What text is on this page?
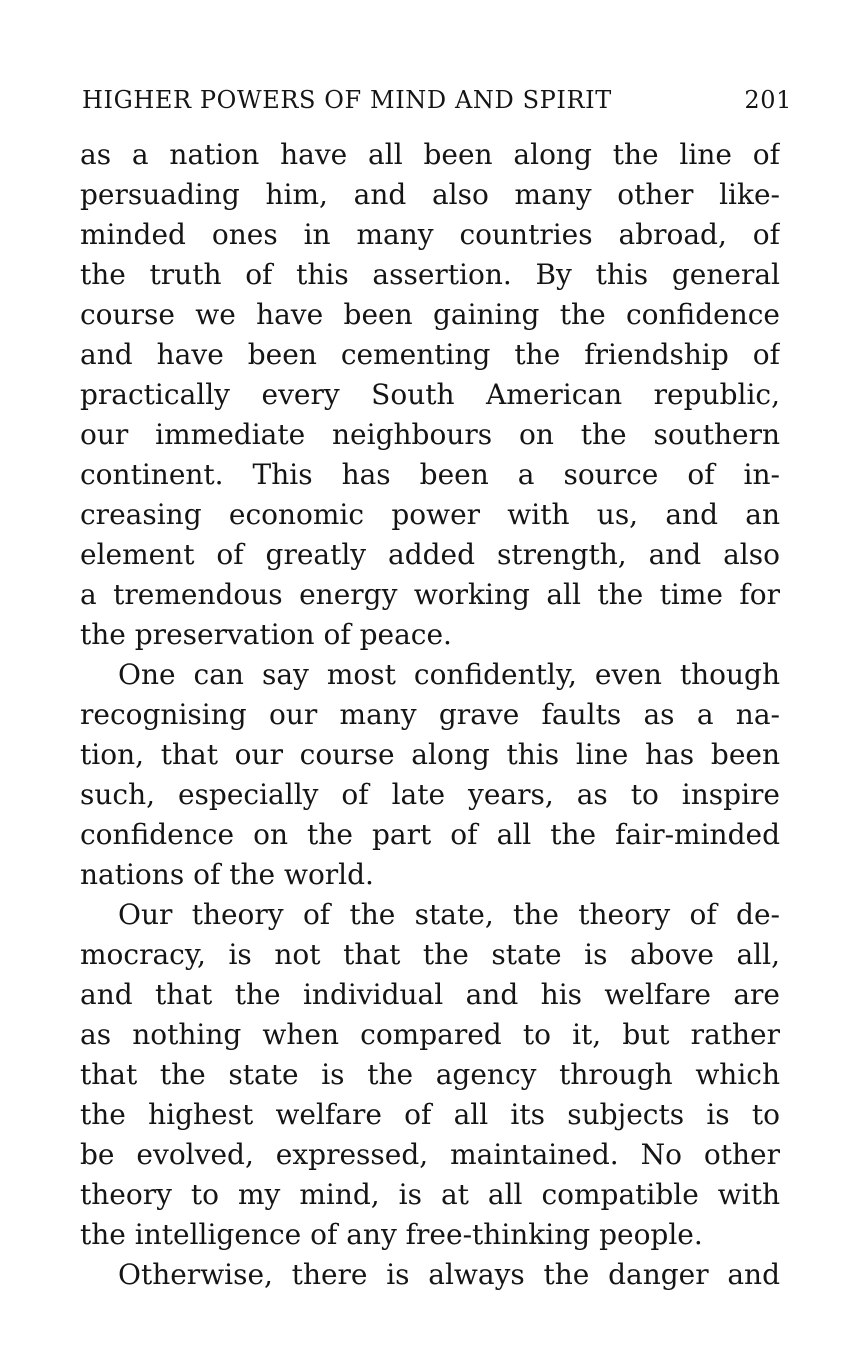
HIGHER POWERS OF MIND AND SPIRIT	201
as a nation have all been along the line of
persuading him, and also many other like-
minded ones in many countries abroad, of
the truth of this assertion. By this general
course we have been gaining the confidence
and have been cementing the friendship of
practically every South American republic,
our immediate neighbours on the southern
continent. This has been a source of in-
creasing economic power with us, and an
element of greatly added strength, and also
a tremendous energy working all the time for
the preservation of peace.
One can say most confidently, even though
recognising our many grave faults as a na-
tion, that our course along this line has been
such, especially of late years, as to inspire
confidence on the part of all the fair-minded
nations of the world.
Our theory of the state, the theory of de-
mocracy, is not that the state is above all,
and that the individual and his welfare are
as nothing when compared to it, but rather
that the state is the agency through which
the highest welfare of all its subjects is to
be evolved, expressed, maintained. No other
theory to my mind, is at all compatible with
the intelligence of any free-thinking people.
Otherwise, there is always the danger and
